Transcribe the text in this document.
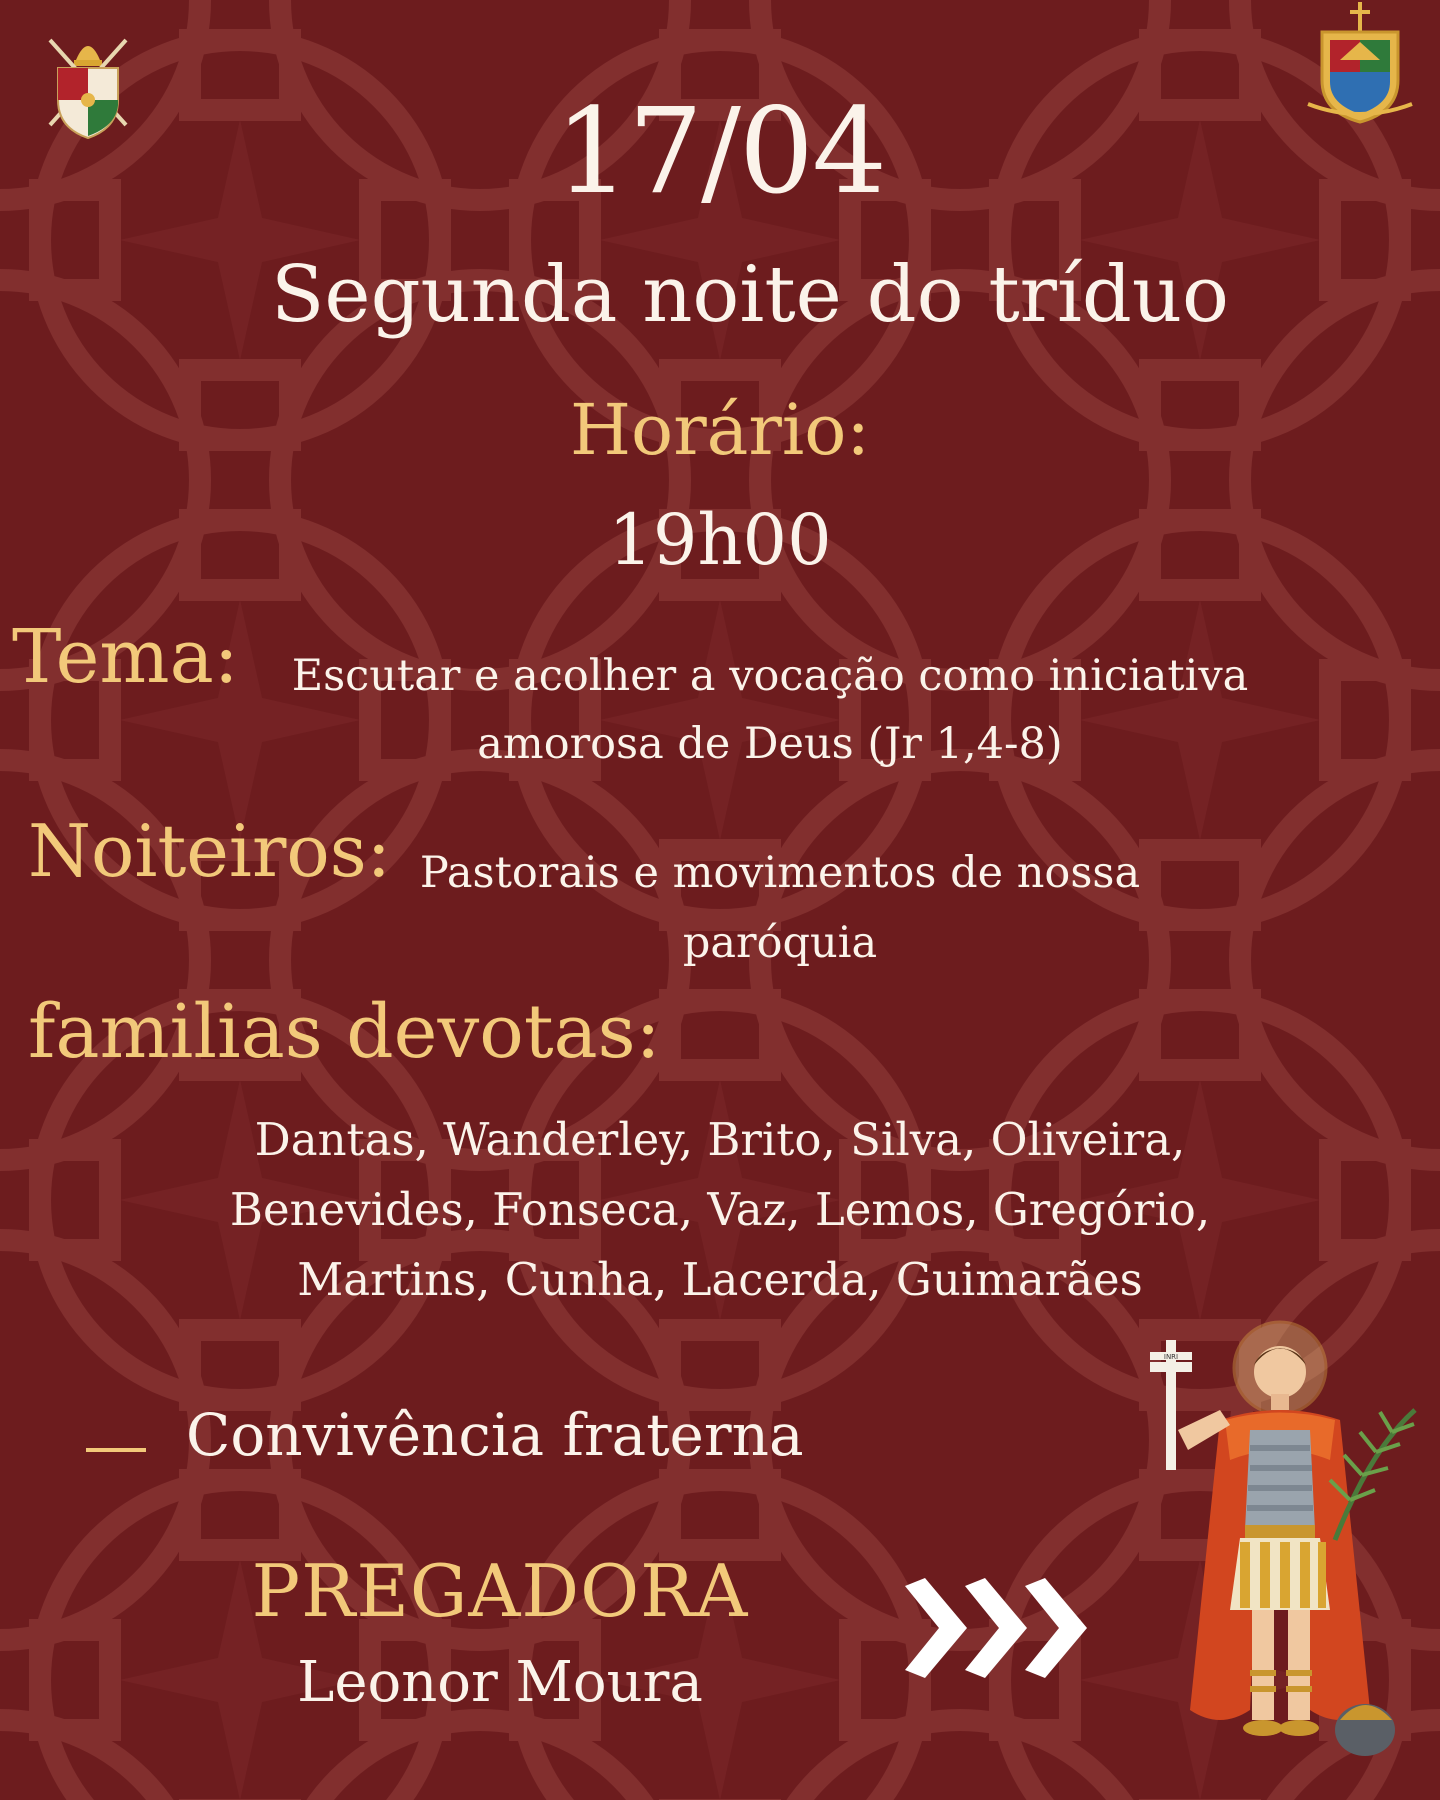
17/04
Segunda noite do tríduo
Horário:
19h00
Tema:	Escutar e acolher a vocação como iniciativa amorosa de Deus (Jr 1,4-8)
Noiteiros: Pastorais e movimentos de nossa paróquia
familias devotas:
Dantas, Wanderley, Brito, Silva, Oliveira, Benevides, Fonseca, Vaz, Lemos, Gregório, Martins, Cunha, Lacerda, Guimarães
Convivência fraterna
PREGADORA
Leonor Moura
INRI
